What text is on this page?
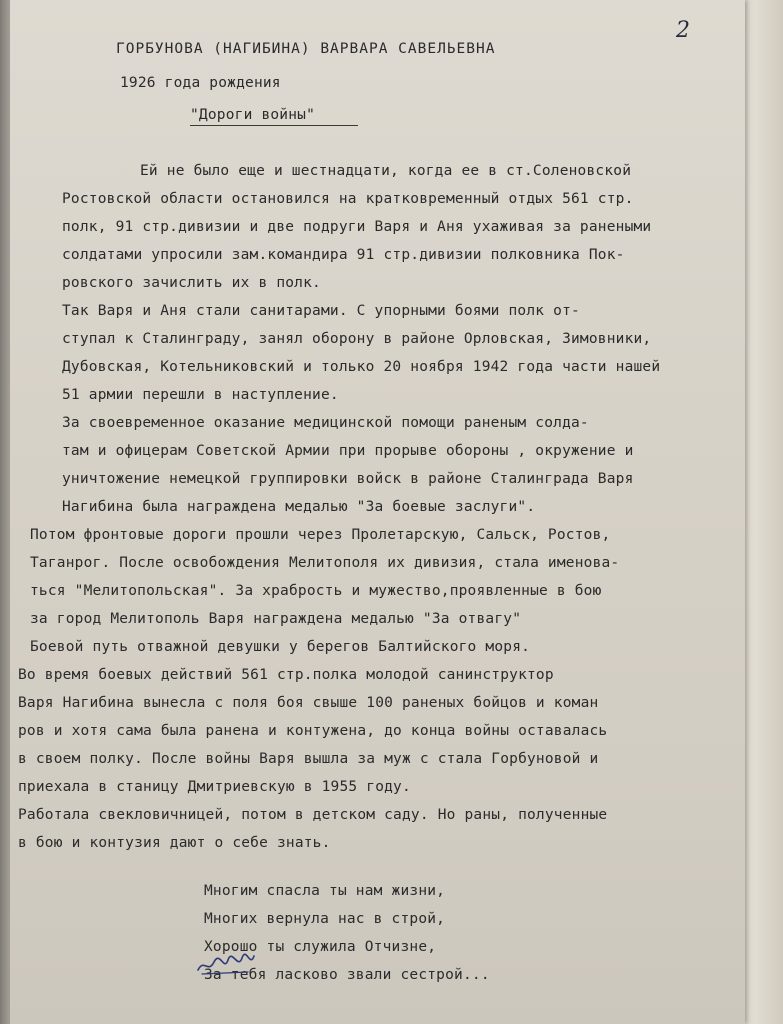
2
ГОРБУНОВА (НАГИБИНА) ВАРВАРА САВЕЛЬЕВНА
1926 года рождения
"Дороги войны"
Ей не было еще и шестнадцати, когда ее в ст.Соленовской
Ростовской области остановился на кратковременный отдых 561 стр.
полк, 91 стр.дивизии и две подруги Варя и Аня ухаживая за ранеными
солдатами упросили зам.командира 91 стр.дивизии полковника Пок-
ровского зачислить их в полк.
Так Варя и Аня стали санитарами. С упорными боями полк от-
ступал к Сталинграду, занял оборону в районе Орловская, Зимовники,
Дубовская, Котельниковский и только 20 ноября 1942 года части нашей
51 армии перешли в наступление.
За своевременное оказание медицинской помощи раненым солда-
там и офицерам Советской Армии при прорыве обороны , окружение и
уничтожение немецкой группировки войск в районе Сталинграда Варя
Нагибина была награждена медалью "За боевые заслуги".
Потом фронтовые дороги прошли через Пролетарскую, Сальск, Ростов,
Таганрог. После освобождения Мелитополя их дивизия, стала именова-
ться "Мелитопольская". За храбрость и мужество,проявленные в бою
за город Мелитополь Варя награждена медалью "За отвагу"
Боевой путь отважной девушки у берегов Балтийского моря.
Во время боевых действий 561 стр.полка молодой санинструктор
Варя Нагибина вынесла с поля боя свыше 100 раненых бойцов и коман
ров и хотя сама была ранена и контужена, до конца войны оставалась
в своем полку. После войны Варя вышла за муж с стала Горбуновой и
приехала в станицу Дмитриевскую в 1955 году.
Работала свекловичницей, потом в детском саду. Но раны, полученные
в бою и контузия дают о себе знать.
Многим спасла ты нам жизни,
Многих вернула нас в строй,
Хорошо ты служила Отчизне,
За тебя ласково звали сестрой...
